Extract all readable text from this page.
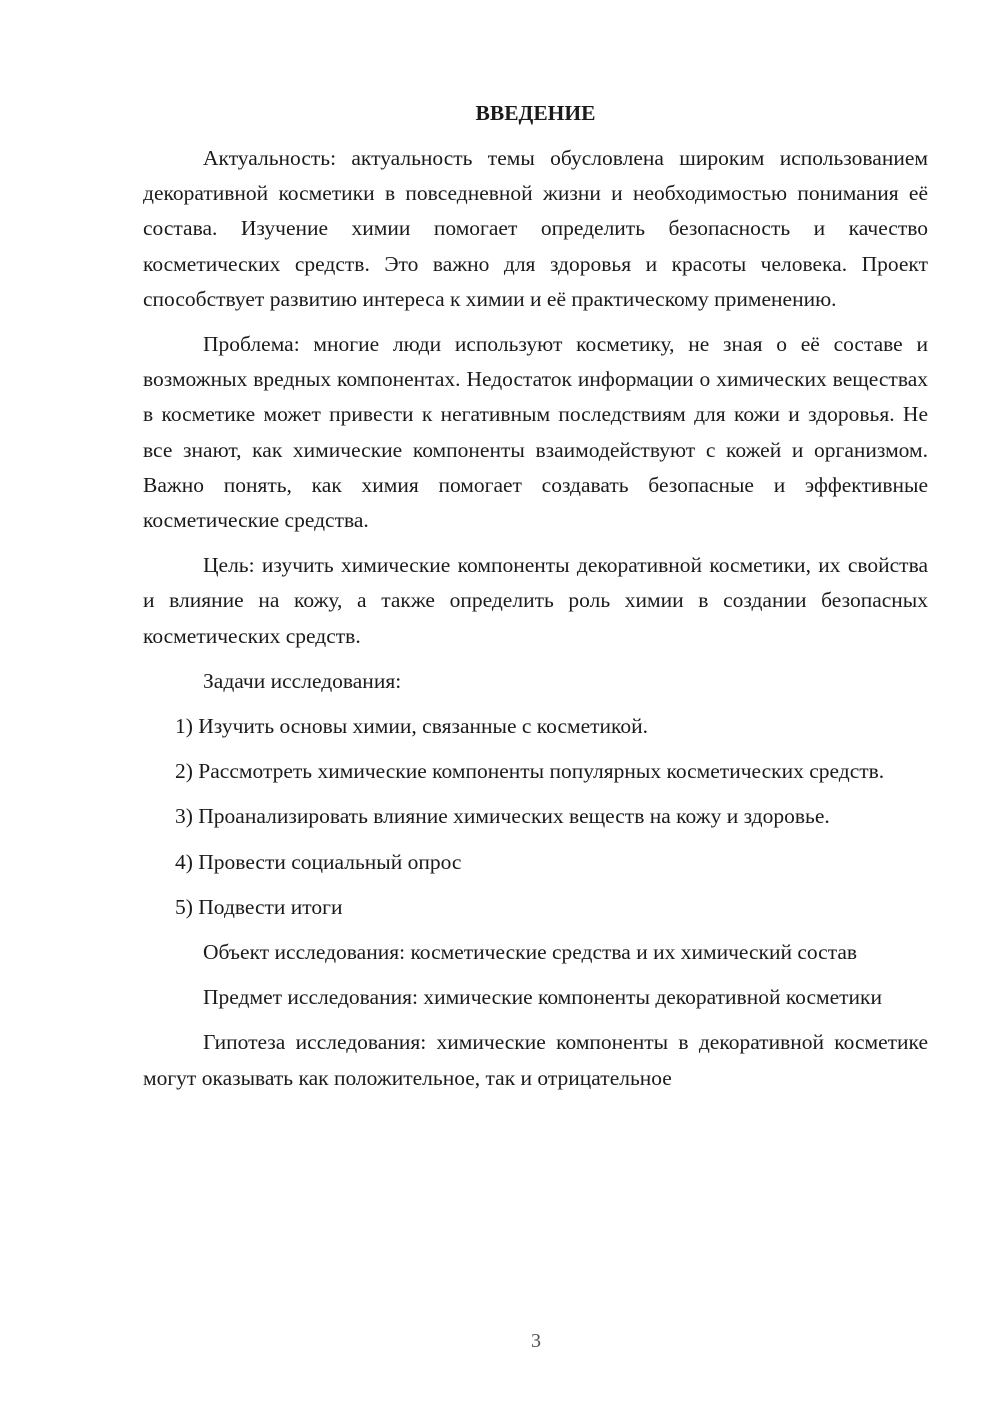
ВВЕДЕНИЕ

Актуальность: актуальность темы обусловлена широким использованием декоративной косметики в повседневной жизни и необходимостью понимания её состава. Изучение химии помогает определить безопасность и качество косметических средств. Это важно для здоровья и красоты человека. Проект способствует развитию интереса к химии и её практическому применению.

Проблема: многие люди используют косметику, не зная о её составе и возможных вредных компонентах. Недостаток информации о химических веществах в косметике может привести к негативным последствиям для кожи и здоровья. Не все знают, как химические компоненты взаимодействуют с кожей и организмом. Важно понять, как химия помогает создавать безопасные и эффективные косметические средства.

Цель: изучить химические компоненты декоративной косметики, их свойства и влияние на кожу, а также определить роль химии в создании безопасных косметических средств.

Задачи исследования:

1) Изучить основы химии, связанные с косметикой.

2) Рассмотреть химические компоненты популярных косметических средств.

3) Проанализировать влияние химических веществ на кожу и здоровье.

4) Провести социальный опрос

5) Подвести итоги

Объект исследования: косметические средства и их химический состав

Предмет исследования: химические компоненты декоративной косметики

Гипотеза исследования: химические компоненты в декоративной косметике могут оказывать как положительное, так и отрицательное

3
